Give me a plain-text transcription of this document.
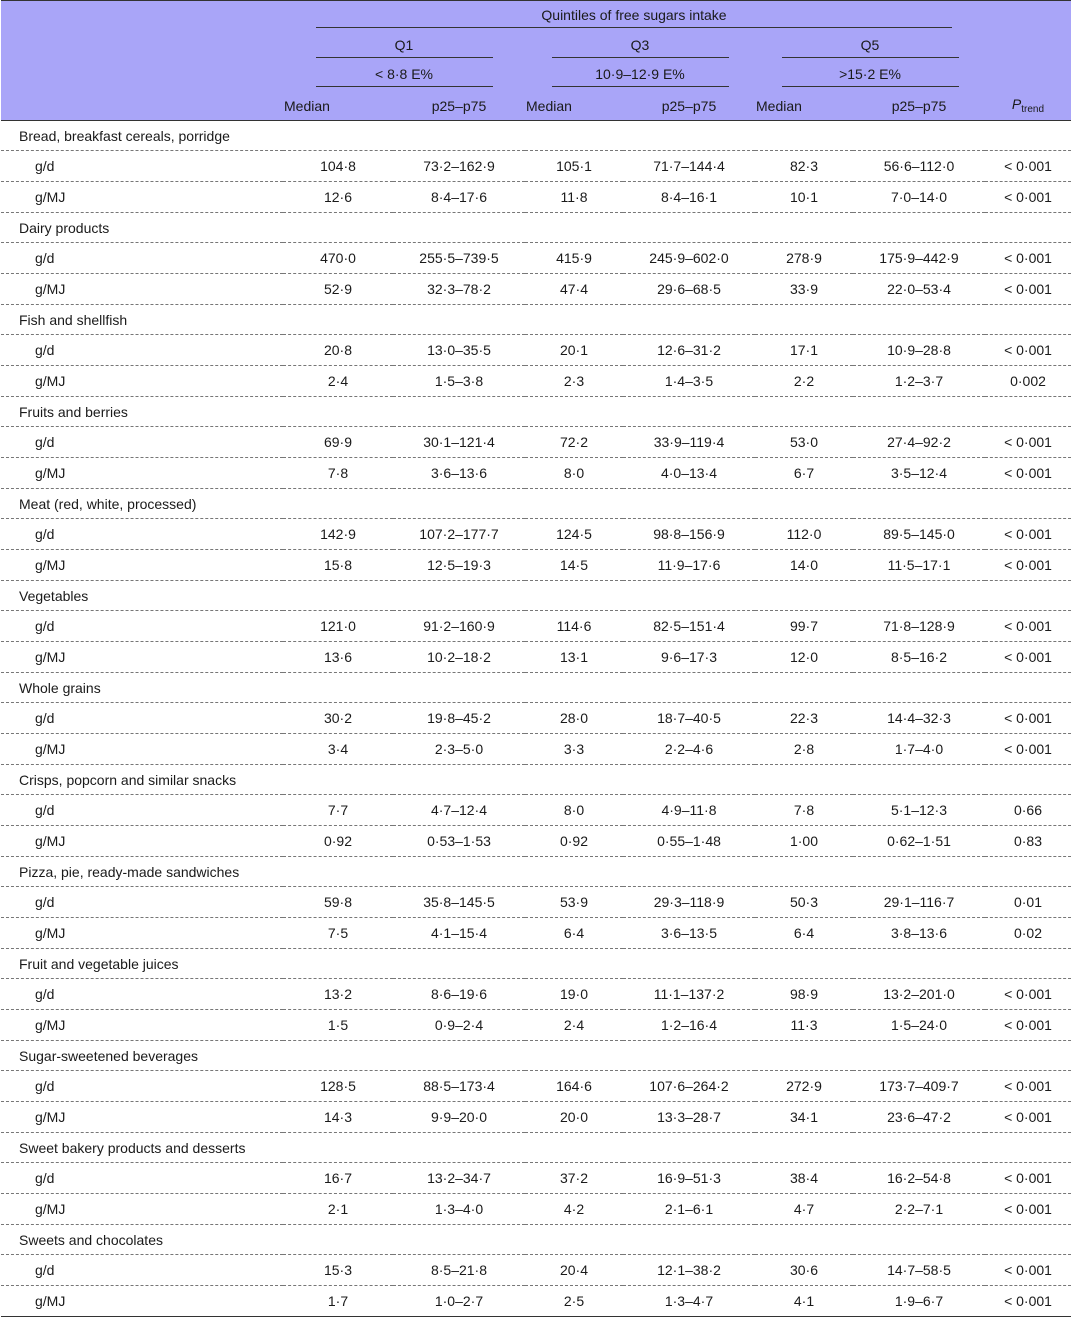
	Quintiles of free sugars intake						
	Q1		Q3		Q5		
	< 8·8 E%		10·9–12·9 E%		>15·2 E%		
	Median	p25–p75	Median	p25–p75	Median	p25–p75	$P_{trend}$
Bread, breakfast cereals, porridge							
g/d	104·8	73·2–162·9	105·1	71·7–144·4	82·3	56·6–112·0	< 0·001
g/MJ	12·6	8·4–17·6	11·8	8·4–16·1	10·1	7·0–14·0	< 0·001
Dairy products							
g/d	470·0	255·5–739·5	415·9	245·9–602·0	278·9	175·9–442·9	< 0·001
g/MJ	52·9	32·3–78·2	47·4	29·6–68·5	33·9	22·0–53·4	< 0·001
Fish and shellfish							
g/d	20·8	13·0–35·5	20·1	12·6–31·2	17·1	10·9–28·8	< 0·001
g/MJ	2·4	1·5–3·8	2·3	1·4–3·5	2·2	1·2–3·7	0·002
Fruits and berries							
g/d	69·9	30·1–121·4	72·2	33·9–119·4	53·0	27·4–92·2	< 0·001
g/MJ	7·8	3·6–13·6	8·0	4·0–13·4	6·7	3·5–12·4	< 0·001
Meat (red, white, processed)							
g/d	142·9	107·2–177·7	124·5	98·8–156·9	112·0	89·5–145·0	< 0·001
g/MJ	15·8	12·5–19·3	14·5	11·9–17·6	14·0	11·5–17·1	< 0·001
Vegetables							
g/d	121·0	91·2–160·9	114·6	82·5–151·4	99·7	71·8–128·9	< 0·001
g/MJ	13·6	10·2–18·2	13·1	9·6–17·3	12·0	8·5–16·2	< 0·001
Whole grains							
g/d	30·2	19·8–45·2	28·0	18·7–40·5	22·3	14·4–32·3	< 0·001
g/MJ	3·4	2·3–5·0	3·3	2·2–4·6	2·8	1·7–4·0	< 0·001
Crisps, popcorn and similar snacks							
g/d	7·7	4·7–12·4	8·0	4·9–11·8	7·8	5·1–12·3	0·66
g/MJ	0·92	0·53–1·53	0·92	0·55–1·48	1·00	0·62–1·51	0·83
Pizza, pie, ready-made sandwiches							
g/d	59·8	35·8–145·5	53·9	29·3–118·9	50·3	29·1–116·7	0·01
g/MJ	7·5	4·1–15·4	6·4	3·6–13·5	6·4	3·8–13·6	0·02
Fruit and vegetable juices							
g/d	13·2	8·6–19·6	19·0	11·1–137·2	98·9	13·2–201·0	< 0·001
g/MJ	1·5	0·9–2·4	2·4	1·2–16·4	11·3	1·5–24·0	< 0·001
Sugar-sweetened beverages							
g/d	128·5	88·5–173·4	164·6	107·6–264·2	272·9	173·7–409·7	< 0·001
g/MJ	14·3	9·9–20·0	20·0	13·3–28·7	34·1	23·6–47·2	< 0·001
Sweet bakery products and desserts							
g/d	16·7	13·2–34·7	37·2	16·9–51·3	38·4	16·2–54·8	< 0·001
g/MJ	2·1	1·3–4·0	4·2	2·1–6·1	4·7	2·2–7·1	< 0·001
Sweets and chocolates							
g/d	15·3	8·5–21·8	20·4	12·1–38·2	30·6	14·7–58·5	< 0·001
g/MJ	1·7	1·0–2·7	2·5	1·3–4·7	4·1	1·9–6·7	< 0·001
